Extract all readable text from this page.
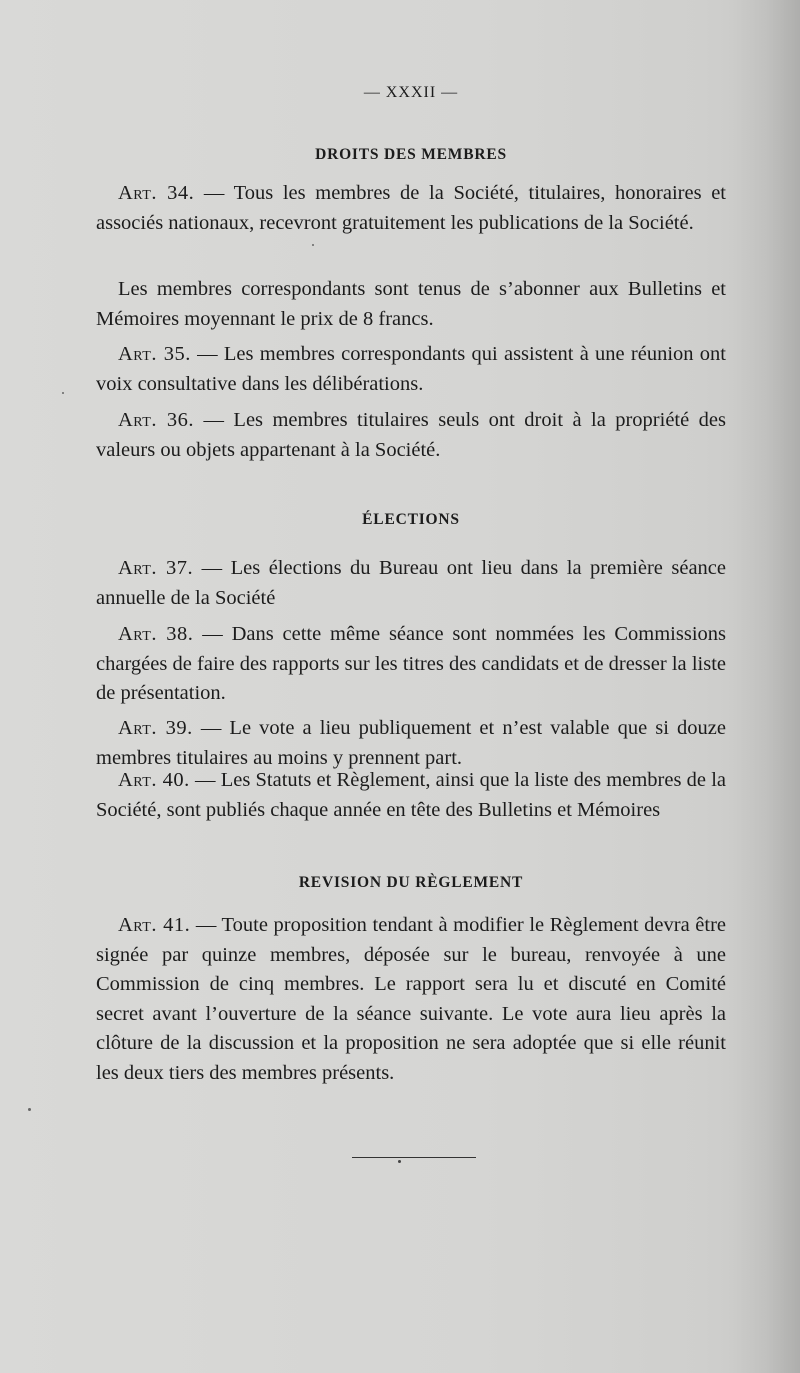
— XXXII —
DROITS DES MEMBRES

Art. 34. — Tous les membres de la Société, titulaires, honoraires et associés nationaux, recevront gratuitement les publications de la Société.

Les membres correspondants sont tenus de s’abonner aux Bulletins et Mémoires moyennant le prix de 8 francs.

Art. 35. — Les membres correspondants qui assistent à une réunion ont voix consultative dans les délibérations.

Art. 36. — Les membres titulaires seuls ont droit à la propriété des valeurs ou objets appartenant à la Société.

ÉLECTIONS

Art. 37. — Les élections du Bureau ont lieu dans la première séance annuelle de la Société

Art. 38. — Dans cette même séance sont nommées les Commissions chargées de faire des rapports sur les titres des candidats et de dresser la liste de présentation.

Art. 39. — Le vote a lieu publiquement et n’est valable que si douze membres titulaires au moins y prennent part.

Art. 40. — Les Statuts et Règlement, ainsi que la liste des membres de la Société, sont publiés chaque année en tête des Bulletins et Mémoires

REVISION DU RÈGLEMENT

Art. 41. — Toute proposition tendant à modifier le Règlement devra être signée par quinze membres, déposée sur le bureau, renvoyée à une Commission de cinq membres. Le rapport sera lu et discuté en Comité secret avant l’ouverture de la séance suivante. Le vote aura lieu après la clôture de la discussion et la proposition ne sera adoptée que si elle réunit les deux tiers des membres présents.
